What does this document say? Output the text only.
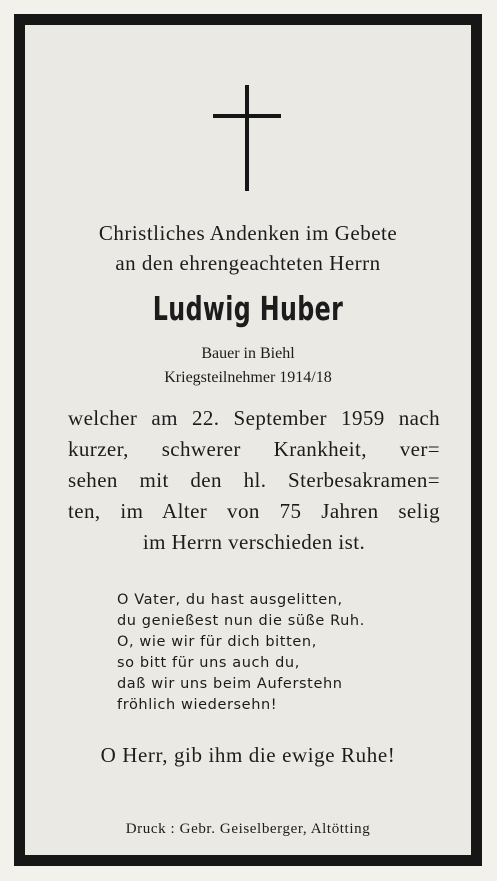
Christliches Andenken im Gebete
an den ehrengeachteten Herrn
Ludwig Huber
Bauer in Biehl
Kriegsteilnehmer 1914/18
welcher am 22. September 1959 nach
kurzer, schwerer Krankheit, ver=
sehen mit den hl. Sterbesakramen=
ten, im Alter von 75 Jahren selig
im Herrn verschieden ist.
O Vater, du hast ausgelitten,
du genießest nun die süße Ruh.
O, wie wir für dich bitten,
so bitt für uns auch du,
daß wir uns beim Auferstehn
fröhlich wiedersehn!
O Herr, gib ihm die ewige Ruhe!
Druck : Gebr. Geiselberger, Altötting
